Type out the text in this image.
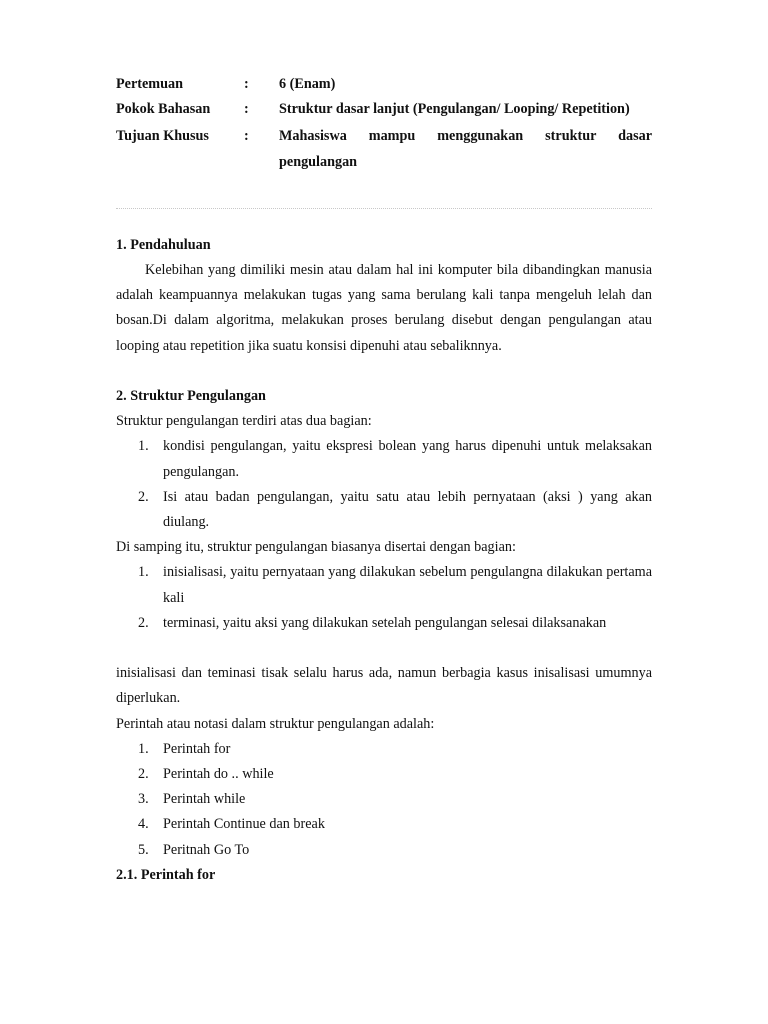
Pertemuan	:	6 (Enam)
Pokok Bahasan	:	Struktur dasar lanjut (Pengulangan/ Looping/ Repetition)
Tujuan Khusus	:	Mahasiswa mampu menggunakan struktur dasar pengulangan
1. Pendahuluan

Kelebihan yang dimiliki mesin atau dalam hal ini komputer bila dibandingkan manusia adalah keampuannya melakukan tugas yang sama berulang kali tanpa mengeluh lelah dan bosan.Di dalam algoritma, melakukan proses berulang disebut dengan pengulangan atau looping atau repetition jika suatu konsisi dipenuhi atau sebaliknnya.

2. Struktur Pengulangan

Struktur pengulangan terdiri atas dua bagian:

1. kondisi pengulangan, yaitu ekspresi bolean yang harus dipenuhi untuk melaksakan pengulangan.
2. Isi atau badan pengulangan, yaitu satu atau lebih pernyataan (aksi ) yang akan diulang.

Di samping itu, struktur pengulangan biasanya disertai dengan bagian:

1. inisialisasi, yaitu pernyataan yang dilakukan sebelum pengulangna dilakukan pertama kali
2. terminasi, yaitu aksi yang dilakukan setelah pengulangan selesai dilaksanakan

inisialisasi dan teminasi tisak selalu harus ada, namun berbagia kasus inisalisasi umumnya diperlukan.

Perintah atau notasi dalam struktur pengulangan adalah:

1. Perintah for
2. Perintah do .. while
3. Perintah while
4. Perintah Continue dan break
5. Peritnah Go To
2.1. Perintah for
